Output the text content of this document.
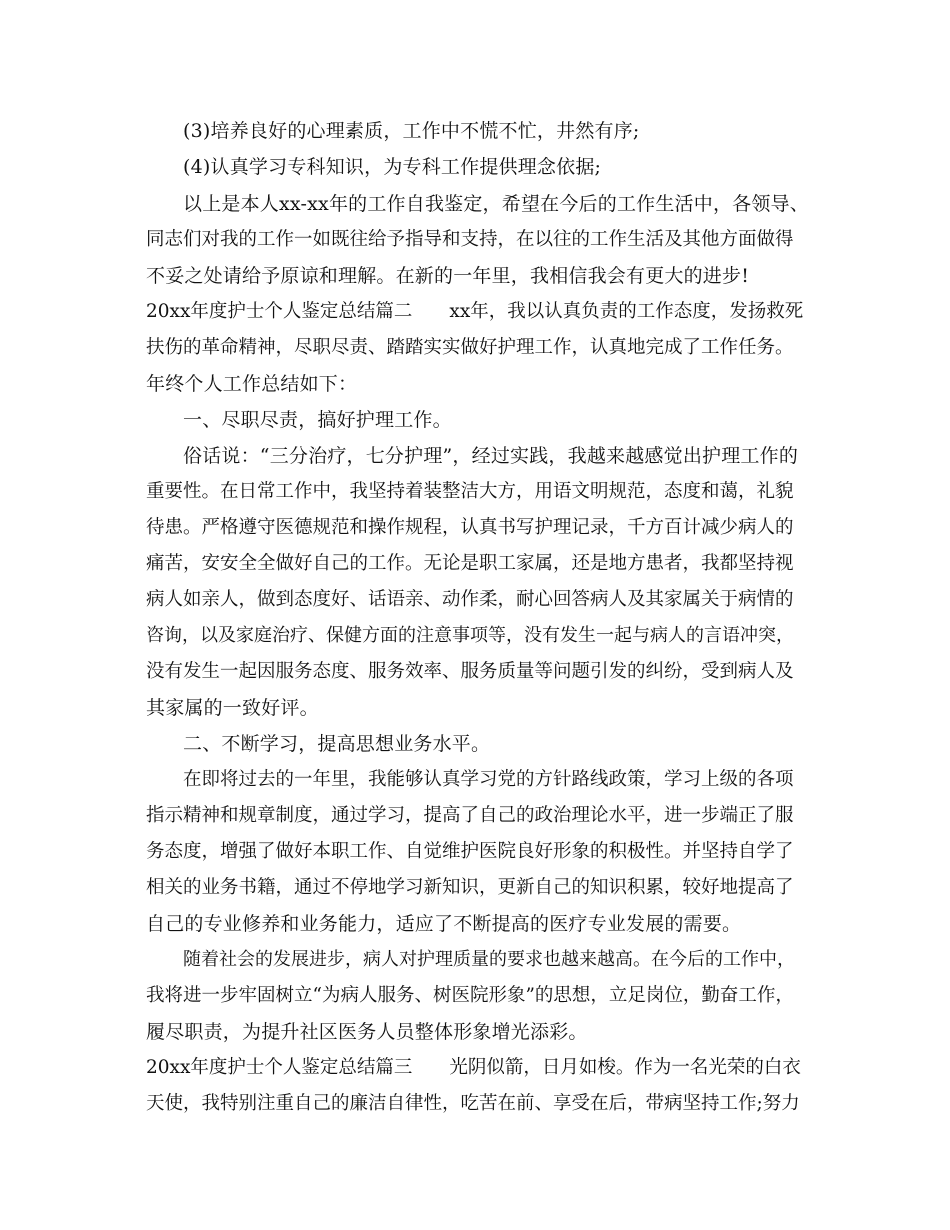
(3)培养良好的心理素质，工作中不慌不忙，井然有序;
(4)认真学习专科知识，为专科工作提供理念依据;
以上是本人xx-xx年的工作自我鉴定，希望在今后的工作生活中，各领导、
同志们对我的工作一如既往给予指导和支持，在以往的工作生活及其他方面做得
不妥之处请给予原谅和理解。在新的一年里，我相信我会有更大的进步!
20xx年度护士个人鉴定总结篇二　　xx年，我以认真负责的工作态度，发扬救死
扶伤的革命精神，尽职尽责、踏踏实实做好护理工作，认真地完成了工作任务。
年终个人工作总结如下：
一、尽职尽责，搞好护理工作。
俗话说：“三分治疗，七分护理”，经过实践，我越来越感觉出护理工作的
重要性。在日常工作中，我坚持着装整洁大方，用语文明规范，态度和蔼，礼貌
待患。严格遵守医德规范和操作规程，认真书写护理记录，千方百计减少病人的
痛苦，安安全全做好自己的工作。无论是职工家属，还是地方患者，我都坚持视
病人如亲人，做到态度好、话语亲、动作柔，耐心回答病人及其家属关于病情的
咨询，以及家庭治疗、保健方面的注意事项等，没有发生一起与病人的言语冲突，
没有发生一起因服务态度、服务效率、服务质量等问题引发的纠纷，受到病人及
其家属的一致好评。
二、不断学习，提高思想业务水平。
在即将过去的一年里，我能够认真学习党的方针路线政策，学习上级的各项
指示精神和规章制度，通过学习，提高了自己的政治理论水平，进一步端正了服
务态度，增强了做好本职工作、自觉维护医院良好形象的积极性。并坚持自学了
相关的业务书籍，通过不停地学习新知识，更新自己的知识积累，较好地提高了
自己的专业修养和业务能力，适应了不断提高的医疗专业发展的需要。
随着社会的发展进步，病人对护理质量的要求也越来越高。在今后的工作中，
我将进一步牢固树立“为病人服务、树医院形象”的思想，立足岗位，勤奋工作，
履尽职责，为提升社区医务人员整体形象增光添彩。
20xx年度护士个人鉴定总结篇三　　光阴似箭，日月如梭。作为一名光荣的白衣
天使，我特别注重自己的廉洁自律性，吃苦在前、享受在后，带病坚持工作;努力
